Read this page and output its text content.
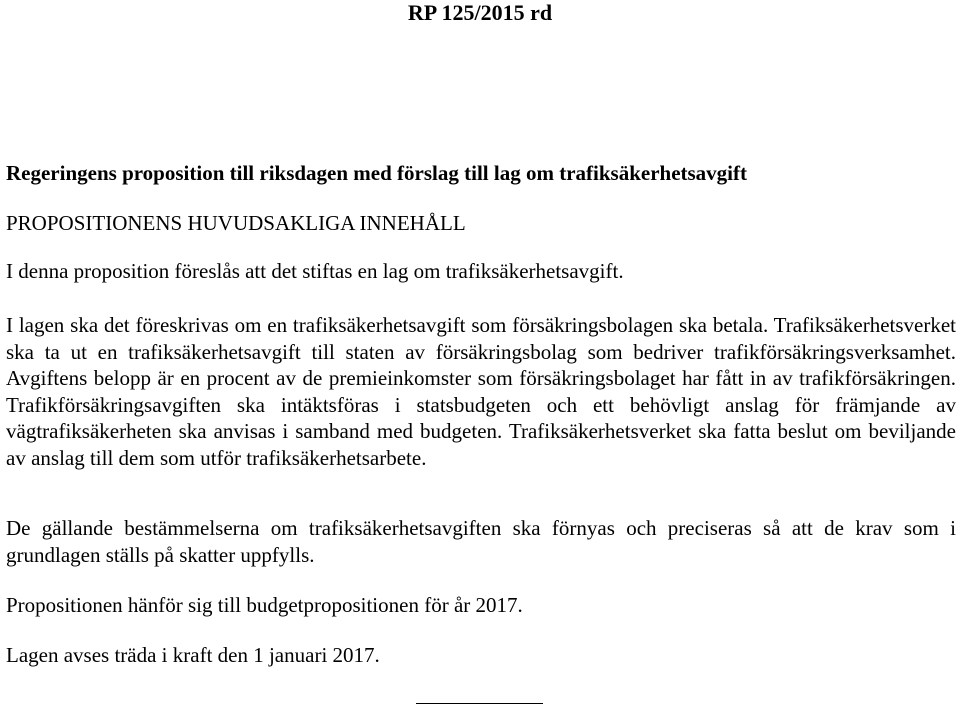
RP 125/2015 rd
Regeringens proposition till riksdagen med förslag till lag om trafiksäkerhetsavgift
PROPOSITIONENS HUVUDSAKLIGA INNEHÅLL
I denna proposition föreslås att det stiftas en lag om trafiksäkerhetsavgift.
I lagen ska det föreskrivas om en trafiksäkerhetsavgift som försäkringsbolagen ska betala. Trafiksäkerhetsverket ska ta ut en trafiksäkerhetsavgift till staten av försäkringsbolag som bedriver trafikförsäkringsverksamhet. Avgiftens belopp är en procent av de premieinkomster som försäkringsbolaget har fått in av trafikförsäkringen. Trafikförsäkringsavgiften ska intäktsföras i statsbudgeten och ett behövligt anslag för främjande av vägtrafiksäkerheten ska anvisas i samband med budgeten. Trafiksäkerhetsverket ska fatta beslut om beviljande av anslag till dem som utför trafiksäkerhetsarbete.
De gällande bestämmelserna om trafiksäkerhetsavgiften ska förnyas och preciseras så att de krav som i grundlagen ställs på skatter uppfylls.
Propositionen hänför sig till budgetpropositionen för år 2017.
Lagen avses träda i kraft den 1 januari 2017.
